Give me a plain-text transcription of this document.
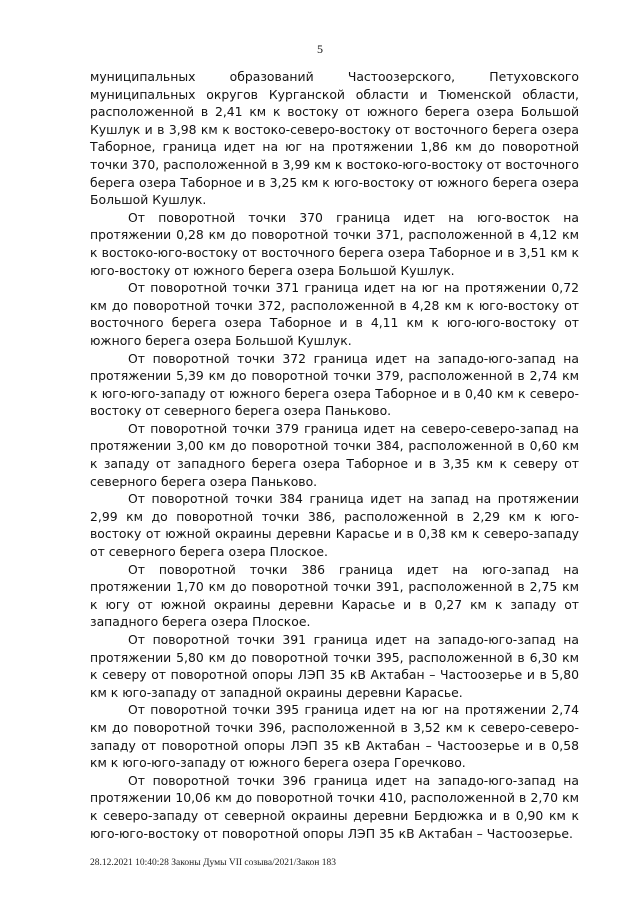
5

муниципальных образований Частоозерского, Петуховского муниципальных округов Курганской области и Тюменской области, расположенной в 2,41 км к востоку от южного берега озера Большой Кушлук и в 3,98 км к востоко-северо-востоку от восточного берега озера Таборное, граница идет на юг на протяжении 1,86 км до поворотной точки 370, расположенной в 3,99 км к востоко-юго-востоку от восточного берега озера Таборное и в 3,25 км к юго-востоку от южного берега озера Большой Кушлук.

От поворотной точки 370 граница идет на юго-восток на протяжении 0,28 км до поворотной точки 371, расположенной в 4,12 км к востоко-юго-востоку от восточного берега озера Таборное и в 3,51 км к юго-востоку от южного берега озера Большой Кушлук.

От поворотной точки 371 граница идет на юг на протяжении 0,72 км до поворотной точки 372, расположенной в 4,28 км к юго-востоку от восточного берега озера Таборное и в 4,11 км к юго-юго-востоку от южного берега озера Большой Кушлук.

От поворотной точки 372 граница идет на западо-юго-запад на протяжении 5,39 км до поворотной точки 379, расположенной в 2,74 км к юго-юго-западу от южного берега озера Таборное и в 0,40 км к северо-востоку от северного берега озера Паньково.

От поворотной точки 379 граница идет на северо-северо-запад на протяжении 3,00 км до поворотной точки 384, расположенной в 0,60 км к западу от западного берега озера Таборное и в 3,35 км к северу от северного берега озера Паньково.

От поворотной точки 384 граница идет на запад на протяжении 2,99 км до поворотной точки 386, расположенной в 2,29 км к юго-востоку от южной окраины деревни Карасье и в 0,38 км к северо-западу от северного берега озера Плоское.

От поворотной точки 386 граница идет на юго-запад на протяжении 1,70 км до поворотной точки 391, расположенной в 2,75 км к югу от южной окраины деревни Карасье и в 0,27 км к западу от западного берега озера Плоское.

От поворотной точки 391 граница идет на западо-юго-запад на протяжении 5,80 км до поворотной точки 395, расположенной в 6,30 км к северу от поворотной опоры ЛЭП 35 кВ Актабан – Частоозерье и в 5,80 км к юго-западу от западной окраины деревни Карасье.

От поворотной точки 395 граница идет на юг на протяжении 2,74 км до поворотной точки 396, расположенной в 3,52 км к северо-северо-западу от поворотной опоры ЛЭП 35 кВ Актабан – Частоозерье и в 0,58 км к юго-юго-западу от южного берега озера Горечково.

От поворотной точки 396 граница идет на западо-юго-запад на протяжении 10,06 км до поворотной точки 410, расположенной в 2,70 км к северо-западу от северной окраины деревни Бердюжка и в 0,90 км к юго-юго-востоку от поворотной опоры ЛЭП 35 кВ Актабан – Частоозерье.

28.12.2021 10:40:28 Законы Думы VII созыва/2021/Закон 183
